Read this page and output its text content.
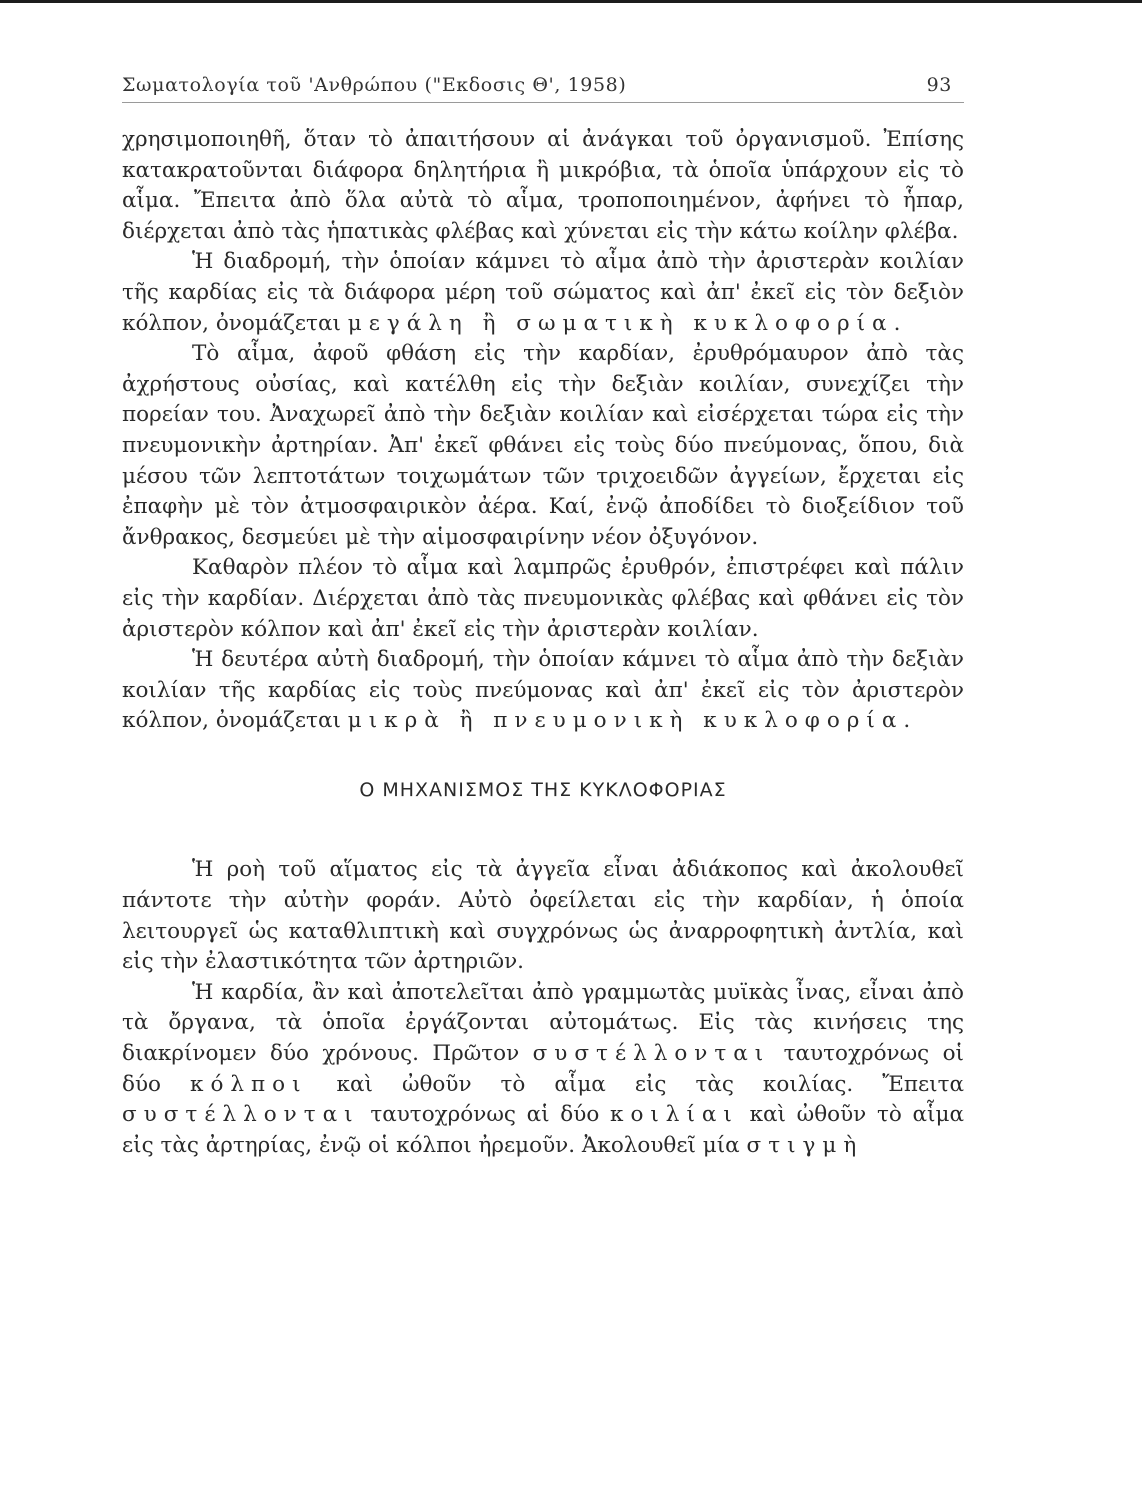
Σωματολογία τοῦ 'Ανθρώπου ("Εκδοσις Θ', 1958)	93

χρησιμοποιηθῆ, ὅταν τὸ ἀπαιτήσουν αἱ ἀνάγκαι τοῦ ὀργανισμοῦ. Ἐπίσης κατακρατοῦνται διάφορα δηλητήρια ἢ μικρόβια, τὰ ὁποῖα ὑπάρχουν εἰς τὸ αἷμα. Ἔπειτα ἀπὸ ὅλα αὐτὰ τὸ αἷμα, τροποποιημένον, ἀφήνει τὸ ἧπαρ, διέρχεται ἀπὸ τὰς ἡπατικὰς φλέβας καὶ χύνεται εἰς τὴν κάτω κοίλην φλέβα.

Ἡ διαδρομή, τὴν ὁποίαν κάμνει τὸ αἷμα ἀπὸ τὴν ἀριστερὰν κοιλίαν τῆς καρδίας εἰς τὰ διάφορα μέρη τοῦ σώματος καὶ ἀπ' ἐκεῖ εἰς τὸν δεξιὸν κόλπον, ὀνομάζεται μεγάλη ἢ σωματικὴ κυκλοφορία.

Τὸ αἷμα, ἀφοῦ φθάση εἰς τὴν καρδίαν, ἐρυθρόμαυρον ἀπὸ τὰς ἀχρήστους οὐσίας, καὶ κατέλθη εἰς τὴν δεξιὰν κοιλίαν, συνεχίζει τὴν πορείαν του. Ἀναχωρεῖ ἀπὸ τὴν δεξιὰν κοιλίαν καὶ εἰσέρχεται τώρα εἰς τὴν πνευμονικὴν ἀρτηρίαν. Ἀπ' ἐκεῖ φθάνει εἰς τοὺς δύο πνεύμονας, ὅπου, διὰ μέσου τῶν λεπτοτάτων τοιχωμάτων τῶν τριχοειδῶν ἀγγείων, ἔρχεται εἰς ἐπαφὴν μὲ τὸν ἀτμοσφαιρικὸν ἀέρα. Καί, ἐνῷ ἀποδίδει τὸ διοξείδιον τοῦ ἄνθρακος, δεσμεύει μὲ τὴν αἱμοσφαιρίνην νέον ὀξυγόνον.

Καθαρὸν πλέον τὸ αἷμα καὶ λαμπρῶς ἐρυθρόν, ἐπιστρέφει καὶ πάλιν εἰς τὴν καρδίαν. Διέρχεται ἀπὸ τὰς πνευμονικὰς φλέβας καὶ φθάνει εἰς τὸν ἀριστερὸν κόλπον καὶ ἀπ' ἐκεῖ εἰς τὴν ἀριστερὰν κοιλίαν.

Ἡ δευτέρα αὐτὴ διαδρομή, τὴν ὁποίαν κάμνει τὸ αἷμα ἀπὸ τὴν δεξιὰν κοιλίαν τῆς καρδίας εἰς τοὺς πνεύμονας καὶ ἀπ' ἐκεῖ εἰς τὸν ἀριστερὸν κόλπον, ὀνομάζεται μικρὰ ἢ πνευμονικὴ κυκλοφορία.

Ο ΜΗΧΑΝΙΣΜΟΣ ΤΗΣ ΚΥΚΛΟΦΟΡΙΑΣ

Ἡ ροὴ τοῦ αἵματος εἰς τὰ ἀγγεῖα εἶναι ἀδιάκοπος καὶ ἀκολουθεῖ πάντοτε τὴν αὐτὴν φοράν. Αὐτὸ ὀφείλεται εἰς τὴν καρδίαν, ἡ ὁποία λειτουργεῖ ὡς καταθλιπτικὴ καὶ συγχρόνως ὡς ἀναρροφητικὴ ἀντλία, καὶ εἰς τὴν ἐλαστικότητα τῶν ἀρτηριῶν.

Ἡ καρδία, ἂν καὶ ἀποτελεῖται ἀπὸ γραμμωτὰς μυϊκὰς ἶνας, εἶναι ἀπὸ τὰ ὄργανα, τὰ ὁποῖα ἐργάζονται αὐτομάτως. Εἰς τὰς κινήσεις της διακρίνομεν δύο χρόνους. Πρῶτον συστέλλονται ταυτοχρόνως οἱ δύο κόλποι καὶ ὠθοῦν τὸ αἷμα εἰς τὰς κοιλίας. Ἔπειτα συστέλλονται ταυτοχρόνως αἱ δύο κοιλίαι καὶ ὠθοῦν τὸ αἷμα εἰς τὰς ἀρτηρίας, ἐνῷ οἱ κόλποι ἠρεμοῦν. Ἀκολουθεῖ μία στιγμὴ
